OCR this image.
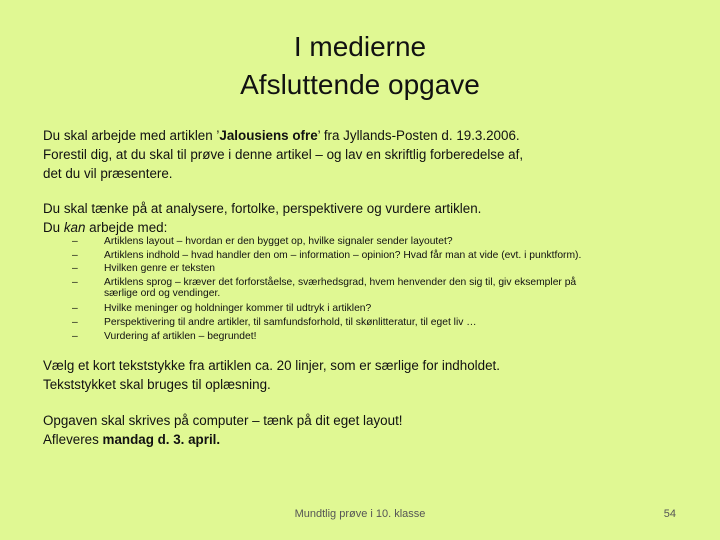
I medierne
Afsluttende opgave
Du skal arbejde med artiklen ’Jalousiens ofre’ fra Jyllands-Posten d. 19.3.2006.
Forestil dig, at du skal til prøve i denne artikel – og lav en skriftlig forberedelse af,
det du vil præsentere.
Du skal tænke på at analysere, fortolke, perspektivere og vurdere artiklen.
Du kan arbejde med:
–	Artiklens layout – hvordan er den bygget op, hvilke signaler sender layoutet?
–	Artiklens indhold – hvad handler den om – information – opinion? Hvad får man at vide (evt. i punktform).
–	Hvilken genre er teksten
–	Artiklens sprog – kræver det forforståelse, sværhedsgrad, hvem henvender den sig til, giv eksempler på
særlige ord og vendinger.
–	Hvilke meninger og holdninger kommer til udtryk i artiklen?
–	Perspektivering til andre artikler, til samfundsforhold, til skønlitteratur, til eget liv …
–	Vurdering af artiklen – begrundet!
Vælg et kort tekststykke fra artiklen ca. 20 linjer, som er særlige for indholdet.
Tekststykket skal bruges til oplæsning.
Opgaven skal skrives på computer – tænk på dit eget layout!
Afleveres mandag d. 3. april.
Mundtlig prøve i 10. klasse	54
